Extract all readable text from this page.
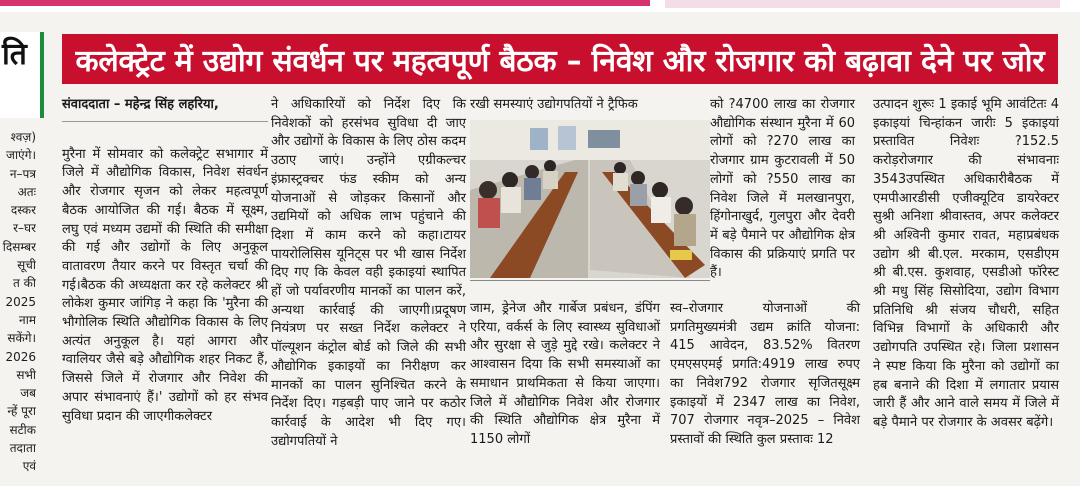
ति
श्वज़)
जाएंगे।
न–पत्र
अतः
दस्कर
र–घर
दिसम्बर
सूची
त की
2025
नाम
सकेंगे।
2026
सभी
जब
न्हें पूरा
सटीक
तदाता
एवं
कलेक्ट्रेट में उद्योग संवर्धन पर महत्वपूर्ण बैठक – निवेश और रोजगार को बढ़ावा देने पर जोर
संवाददाता – महेन्द्र सिंह लहरिया,

मुरैना में सोमवार को कलेक्ट्रेट सभागार में जिले में औद्योगिक विकास, निवेश संवर्धन और रोजगार सृजन को लेकर महत्वपूर्ण बैठक आयोजित की गई। बैठक में सूक्ष्म, लघु एवं मध्यम उद्यमों की स्थिति की समीक्षा की गई और उद्योगों के लिए अनुकूल वातावरण तैयार करने पर विस्तृत चर्चा की गई।बैठक की अध्यक्षता कर रहे कलेक्टर श्री लोकेश कुमार जांगिड़ ने कहा कि 'मुरैना की भौगोलिक स्थिति औद्योगिक विकास के लिए अत्यंत अनुकूल है। यहां आगरा और ग्वालियर जैसे बड़े औद्योगिक शहर निकट हैं, जिससे जिले में रोजगार और निवेश की अपार संभावनाएं हैं।' उद्योगों को हर संभव सुविधा प्रदान की जाएगीकलेक्टर

ने अधिकारियों को निर्देश दिए कि निवेशकों को हरसंभव सुविधा दी जाए और उद्योगों के विकास के लिए ठोस कदम उठाए जाएं। उन्होंने एग्रीकल्चर इंफ्रास्ट्रक्चर फंड स्कीम को अन्य योजनाओं से जोड़कर किसानों और उद्यमियों को अधिक लाभ पहुंचाने की दिशा में काम करने को कहा।टायर पायरोलिसिस यूनिट्स पर भी खास निर्देश दिए गए कि केवल वही इकाइयां स्थापित हों जो पर्यावरणीय मानकों का पालन करें, अन्यथा कार्रवाई की जाएगी।प्रदूषण नियंत्रण पर सख्त निर्देश कलेक्टर ने पॉल्यूशन कंट्रोल बोर्ड को जिले की सभी औद्योगिक इकाइयों का निरीक्षण कर मानकों का पालन सुनिश्चित करने के निर्देश दिए। गड़बड़ी पाए जाने पर कठोर कार्रवाई के आदेश भी दिए गए। उद्योगपतियों ने

रखी समस्याएं उद्योगपतियों ने ट्रैफिक

जाम, ड्रेनेज और गार्बेज प्रबंधन, डंपिंग एरिया, वर्कर्स के लिए स्वास्थ्य सुविधाओं और सुरक्षा से जुड़े मुद्दे रखे। कलेक्टर ने आश्वासन दिया कि सभी समस्याओं का समाधान प्राथमिकता से किया जाएगा। जिले में औद्योगिक निवेश और रोजगार की स्थिति औद्योगिक क्षेत्र मुरैना में 1150 लोगों

को ?4700 लाख का रोजगार औद्योगिक संस्थान मुरैना में 60 लोगों को ?270 लाख का रोजगार ग्राम कुटरावली में 50 लोगों को ?550 लाख का निवेश जिले में मलखानपुरा, हिंगोनाखुर्द, गुलपुरा और देवरी में बड़े पैमाने पर औद्योगिक क्षेत्र विकास की प्रक्रियाएं प्रगति पर हैं।

स्व–रोजगार योजनाओं की प्रगतिमुख्यमंत्री उद्यम क्रांति योजना: 415 आवेदन, 83.52% वितरण एमएसएमई प्रगति:4919 लाख रुपए का निवेश792 रोजगार सृजितसूक्ष्म इकाइयों में 2347 लाख का निवेश, 707 रोजगार नवृत्र–2025 – निवेश प्रस्तावों की स्थिति कुल प्रस्तावः 12

उत्पादन शुरूः 1 इकाई भूमि आवंटितः 4 इकाइयां चिन्हांकन जारीः 5 इकाइयां प्रस्तावित निवेशः ?152.5 करोड़रोजगार की संभावनाः 3543उपस्थित अधिकारीबैठक में एमपीआरडीसी एजीक्यूटिव डायरेक्टर सुश्री अनिशा श्रीवास्तव, अपर कलेक्टर श्री अश्विनी कुमार रावत, महाप्रबंधक उद्योग श्री बी.एल. मरकाम, एसडीएम श्री बी.एस. कुशवाह, एसडीओ फॉरेस्ट श्री मधु सिंह सिसोदिया, उद्योग विभाग प्रतिनिधि श्री संजय चौधरी, सहित विभिन्न विभागों के अधिकारी और उद्योगपति उपस्थित रहे। जिला प्रशासन ने स्पष्ट किया कि मुरैना को उद्योगों का हब बनाने की दिशा में लगातार प्रयास जारी हैं और आने वाले समय में जिले में बड़े पैमाने पर रोजगार के अवसर बढ़ेंगे।
